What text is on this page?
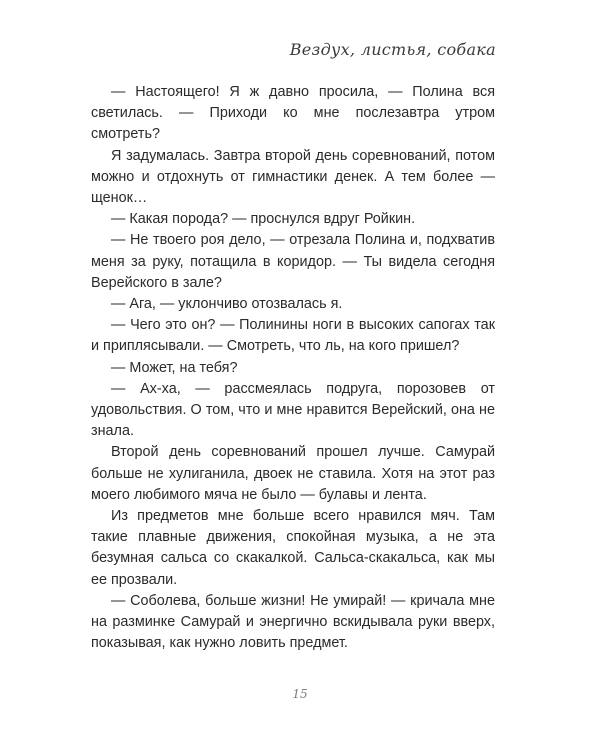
Вездух, листья, собака

— Настоящего! Я ж давно просила, — Полина вся светилась. — Приходи ко мне послезавтра утром смотреть?

Я задумалась. Завтра второй день соревнований, потом можно и отдохнуть от гимнастики денек. А тем более — щенок…

— Какая порода? — проснулся вдруг Ройкин.

— Не твоего роя дело, — отрезала Полина и, подхватив меня за руку, потащила в коридор. — Ты видела сегодня Верейского в зале?

— Ага, — уклончиво отозвалась я.

— Чего это он? — Полинины ноги в высоких сапогах так и приплясывали. — Смотреть, что ль, на кого пришел?

— Может, на тебя?

— Ах-ха, — рассмеялась подруга, порозовев от удовольствия. О том, что и мне нравится Верейский, она не знала.

Второй день соревнований прошел лучше. Самурай больше не хулиганила, двоек не ставила. Хотя на этот раз моего любимого мяча не было — булавы и лента.

Из предметов мне больше всего нравился мяч. Там такие плавные движения, спокойная музыка, а не эта безумная сальса со скакалкой. Сальса-скакальса, как мы ее прозвали.

— Соболева, больше жизни! Не умирай! — кричала мне на разминке Самурай и энергично вскидывала руки вверх, показывая, как нужно ловить предмет.

15
